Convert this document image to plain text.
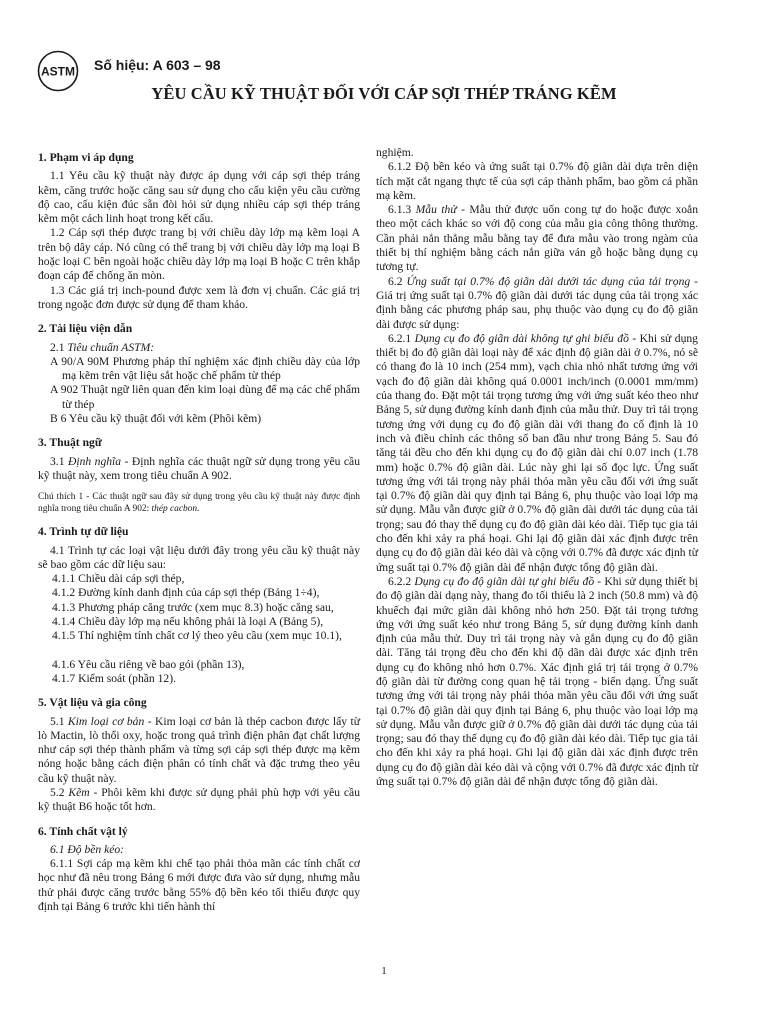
ASTM Số hiệu: A 603 – 98
YÊU CẦU KỸ THUẬT ĐỐI VỚI CÁP SỢI THÉP TRÁNG KẼM

1. Phạm vi áp dụng

1.1 Yêu cầu kỹ thuật này được áp dụng với cáp sợi thép tráng kẽm, căng trước hoặc căng sau sử dụng cho cấu kiện yêu cầu cường độ cao, cấu kiện đúc sẵn đòi hỏi sử dụng nhiều cáp sợi thép tráng kẽm một cách linh hoạt trong kết cấu.

1.2 Cáp sợi thép được trang bị với chiều dày lớp mạ kẽm loại A trên bộ dây cáp. Nó cũng có thể trang bị với chiều dày lớp mạ loại B hoặc loại C bên ngoài hoặc chiều dày lớp mạ loại B hoặc C trên khắp đoạn cáp để chống ăn mòn.

1.3 Các giá trị inch-pound được xem là đơn vị chuẩn. Các giá trị trong ngoặc đơn được sử dụng để tham khảo.

2. Tài liệu viện dẫn

2.1 Tiêu chuẩn ASTM:

A 90/A 90M Phương pháp thí nghiệm xác định chiều dày của lớp mạ kẽm trên vật liệu sắt hoặc chế phẩm từ thép

A 902 Thuật ngữ liên quan đến kim loại dùng để mạ các chế phẩm từ thép

B 6 Yêu cầu kỹ thuật đối với kẽm (Phôi kẽm)

3. Thuật ngữ

3.1 Định nghĩa - Định nghĩa các thuật ngữ sử dụng trong yêu cầu kỹ thuật này, xem trong tiêu chuẩn A 902.

Chú thích 1 - Các thuật ngữ sau đây sử dụng trong yêu cầu kỹ thuật này được định nghĩa trong tiêu chuẩn A 902: thép cacbon.

4. Trình tự dữ liệu

4.1 Trình tự các loại vật liệu dưới đây trong yêu cầu kỹ thuật này sẽ bao gồm các dữ liệu sau:

4.1.1 Chiều dài cáp sợi thép,

4.1.2 Đường kính danh định của cáp sợi thép (Bảng 1÷4),

4.1.3 Phương pháp căng trước (xem mục 8.3) hoặc căng sau,

4.1.4 Chiều dày lớp mạ nếu không phải là loại A (Bảng 5),

4.1.5 Thí nghiệm tính chất cơ lý theo yêu cầu (xem mục 10.1),

4.1.6 Yêu cầu riêng về bao gói (phần 13),

4.1.7 Kiểm soát (phần 12).

5. Vật liệu và gia công

5.1 Kim loại cơ bản - Kim loại cơ bản là thép cacbon được lấy từ lò Mactin, lò thổi oxy, hoặc trong quá trình điện phân đạt chất lượng như cáp sợi thép thành phẩm và từng sợi cáp sợi thép được mạ kẽm nóng hoặc bằng cách điện phân có tính chất và đặc trưng theo yêu cầu kỹ thuật này.

5.2 Kẽm - Phôi kẽm khi được sử dụng phải phù hợp với yêu cầu kỹ thuật B6 hoặc tốt hơn.

6. Tính chất vật lý

6.1 Độ bền kéo:

6.1.1 Sợi cáp mạ kẽm khi chế tạo phải thỏa mãn các tính chất cơ học như đã nêu trong Bảng 6 mới được đưa vào sử dụng, nhưng mẫu thử phải được căng trước bằng 55% độ bền kéo tối thiểu được quy định tại Bảng 6 trước khi tiến hành thí

nghiệm.

6.1.2 Độ bền kéo và ứng suất tại 0.7% độ giãn dài dựa trên diện tích mặt cắt ngang thực tế của sợi cáp thành phẩm, bao gồm cả phần mạ kẽm.

6.1.3 Mẫu thử - Mẫu thử được uốn cong tự do hoặc được xoắn theo một cách khác so với độ cong của mẫu gia công thông thường. Cần phải nắn thẳng mẫu bằng tay để đưa mẫu vào trong ngàm của thiết bị thí nghiệm bằng cách nắn giữa ván gỗ hoặc bằng dụng cụ tương tự.

6.2 Ứng suất tại 0.7% độ giãn dài dưới tác dụng của tải trọng - Giá trị ứng suất tại 0.7% độ giãn dài dưới tác dụng của tải trọng xác định bằng các phương pháp sau, phụ thuộc vào dụng cụ đo độ giãn dài được sử dụng:

6.2.1 Dụng cụ đo độ giãn dài không tự ghi biểu đồ - Khi sử dụng thiết bị đo độ giãn dài loại này để xác định độ giãn dài ở 0.7%, nó sẽ có thang đo là 10 inch (254 mm), vạch chia nhỏ nhất tương ứng với vạch đo độ giãn dài không quá 0.0001 inch/inch (0.0001 mm/mm) của thang đo. Đặt một tải trọng tương ứng với ứng suất kéo theo như Bảng 5, sử dụng đường kính danh định của mẫu thử. Duy trì tải trọng tương ứng với dụng cụ đo độ giãn dài với thang đo cố định là 10 inch và điều chỉnh các thông số ban đầu như trong Bảng 5. Sau đó tăng tải đều cho đến khi dụng cụ đo độ giãn dài chỉ 0.07 inch (1.78 mm) hoặc 0.7% độ giãn dài. Lúc này ghi lại số đọc lực. Ứng suất tương ứng với tải trọng này phải thỏa mãn yêu cầu đối với ứng suất tại 0.7% độ giãn dài quy định tại Bảng 6, phụ thuộc vào loại lớp mạ sử dụng. Mẫu vẫn được giữ ở 0.7% độ giãn dài dưới tác dụng của tải trọng; sau đó thay thế dụng cụ đo độ giãn dài kéo dài. Tiếp tục gia tải cho đến khi xảy ra phá hoại. Ghi lại độ giãn dài xác định được trên dụng cụ đo độ giãn dài kéo dài và cộng với 0.7% đã được xác định từ ứng suất tại 0.7% độ giãn dài để nhận được tổng độ giãn dài.

6.2.2 Dụng cụ đo độ giãn dài tự ghi biểu đồ - Khi sử dụng thiết bị đo độ giãn dài dạng này, thang đo tối thiểu là 2 inch (50.8 mm) và độ khuếch đại mức giãn dài không nhỏ hơn 250. Đặt tải trọng tương ứng với ứng suất kéo như trong Bảng 5, sử dụng đường kính danh định của mẫu thử. Duy trì tải trọng này và gắn dụng cụ đo độ giãn dài. Tăng tải trọng đều cho đến khi độ dãn dài được xác định trên dụng cụ đo không nhỏ hơn 0.7%. Xác định giá trị tải trọng ở 0.7% độ giãn dài từ đường cong quan hệ tải trọng - biến dạng. Ứng suất tương ứng với tải trọng này phải thỏa mãn yêu cầu đối với ứng suất tại 0.7% độ giãn dài quy định tại Bảng 6, phụ thuộc vào loại lớp mạ sử dụng. Mẫu vẫn được giữ ở 0.7% độ giãn dài dưới tác dụng của tải trọng; sau đó thay thế dụng cụ đo độ giãn dài kéo dài. Tiếp tục gia tải cho đến khi xảy ra phá hoại. Ghi lại độ giãn dài xác định được trên dụng cụ đo độ giãn dài kéo dài và cộng với 0.7% đã được xác định từ ứng suất tại 0.7% độ giãn dài để nhận được tổng độ giãn dài.

1
